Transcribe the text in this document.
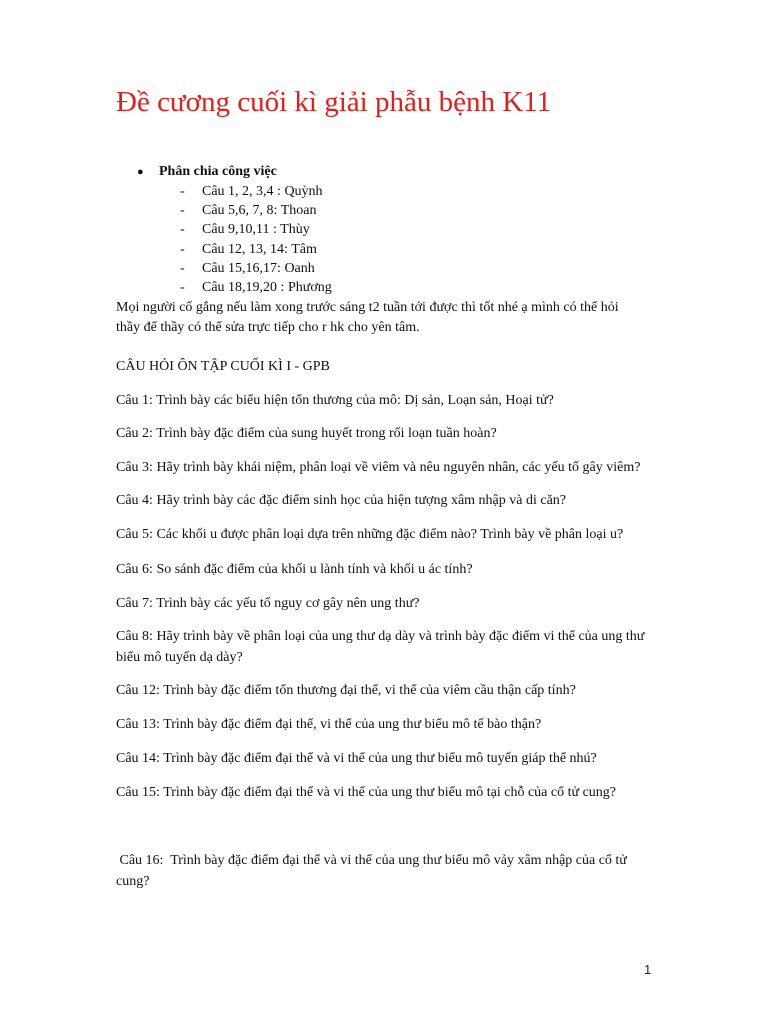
Đề cương cuối kì giải phẫu bệnh K11
● Phân chia công việc
- Câu 1, 2, 3,4 : Quỳnh
- Câu 5,6, 7, 8: Thoan
- Câu 9,10,11 : Thùy
- Câu 12, 13, 14: Tâm
- Câu 15,16,17: Oanh
- Câu 18,19,20 : Phương
Mọi người cố gắng nếu làm xong trước sáng t2 tuần tới được thì tốt nhé ạ mình có thể hỏi
thầy để thầy có thể sửa trực tiếp cho r hk cho yên tâm.
CÂU HỎI ÔN TẬP CUỐI KÌ I - GPB
Câu 1: Trình bày các biểu hiện tổn thương của mô: Dị sản, Loạn sản, Hoại tử?
Câu 2: Trình bày đặc điểm của sung huyết trong rối loạn tuần hoàn?
Câu 3: Hãy trình bày khái niệm, phân loại về viêm và nêu nguyên nhân, các yếu tố gây viêm?
Câu 4: Hãy trình bày các đặc điểm sinh học của hiện tượng xâm nhập và di căn?
Câu 5: Các khối u được phân loại dựa trên những đặc điểm nào? Trình bày về phân loại u?
Câu 6: So sánh đặc điểm của khối u lành tính và khối u ác tính?
Câu 7: Trình bày các yếu tố nguy cơ gây nên ung thư?
Câu 8: Hãy trình bày về phân loại của ung thư dạ dày và trình bày đặc điểm vi thể của ung thư
biểu mô tuyến dạ dày?
Câu 12: Trình bày đặc điểm tổn thương đại thể, vi thể của viêm cầu thận cấp tính?
Câu 13: Trình bày đặc điểm đại thể, vi thể của ung thư biểu mô tế bào thận?
Câu 14: Trình bày đặc điểm đại thể và vi thể của ung thư biểu mô tuyến giáp thể nhú?
Câu 15: Trình bày đặc điểm đại thể và vi thể của ung thư biểu mô tại chỗ của cổ tử cung?
Câu 16:  Trình bày đặc điểm đại thể và vi thể của ung thư biểu mô vảy xâm nhập của cổ tử
cung?
1
